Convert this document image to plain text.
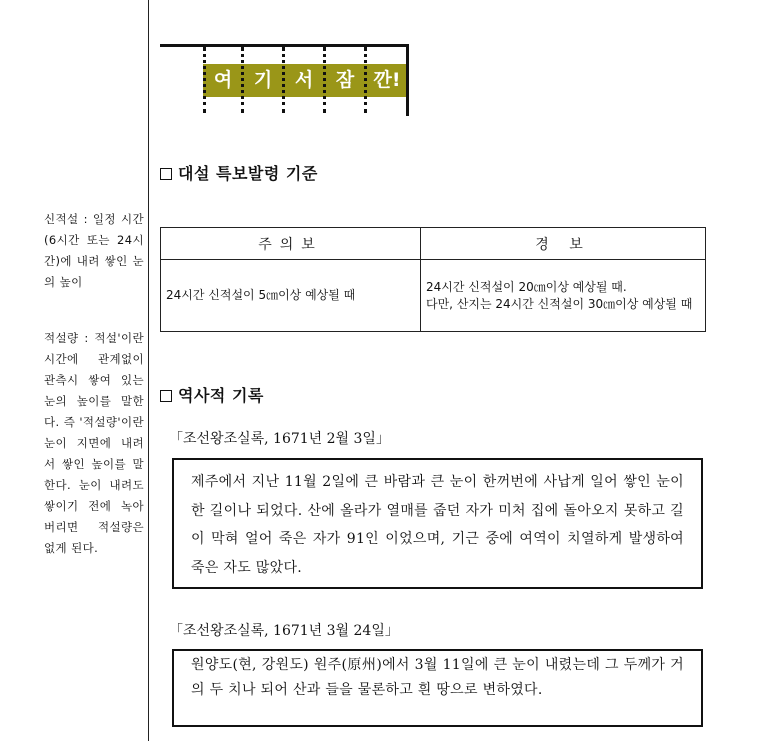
신적설 : 일정 시간 (6시간 또는 24시간)에 내려 쌓인 눈의 높이
적설량 : 적설'이란 시간에 관계없이 관측시 쌓여 있는 눈의 높이를 말한다. 즉 '적설량'이란 눈이 지면에 내려서 쌓인 높이를 말한다. 눈이 내려도 쌓이기 전에 녹아버리면 적설량은 없게 된다.
여	기	서	잠	깐!
대설 특보발령 기준
주의보	경 보
24시간 신적설이 5㎝이상 예상될 때	24시간 신적설이 20㎝이상 예상될 때.
다만, 산지는 24시간 신적설이 30㎝이상 예상될 때
역사적 기록
「조선왕조실록, 1671년 2월 3일」
제주에서 지난 11월 2일에 큰 바람과 큰 눈이 한꺼번에 사납게 일어 쌓인 눈이 한 길이나 되었다. 산에 올라가 열매를 줍던 자가 미처 집에 돌아오지 못하고 길이 막혀 얼어 죽은 자가 91인 이었으며, 기근 중에 여역이 치열하게 발생하여 죽은 자도 많았다.
「조선왕조실록, 1671년 3월 24일」
원양도(현, 강원도) 원주(原州)에서 3월 11일에 큰 눈이 내렸는데 그 두께가 거의 두 치나 되어 산과 들을 물론하고 흰 땅으로 변하였다.
